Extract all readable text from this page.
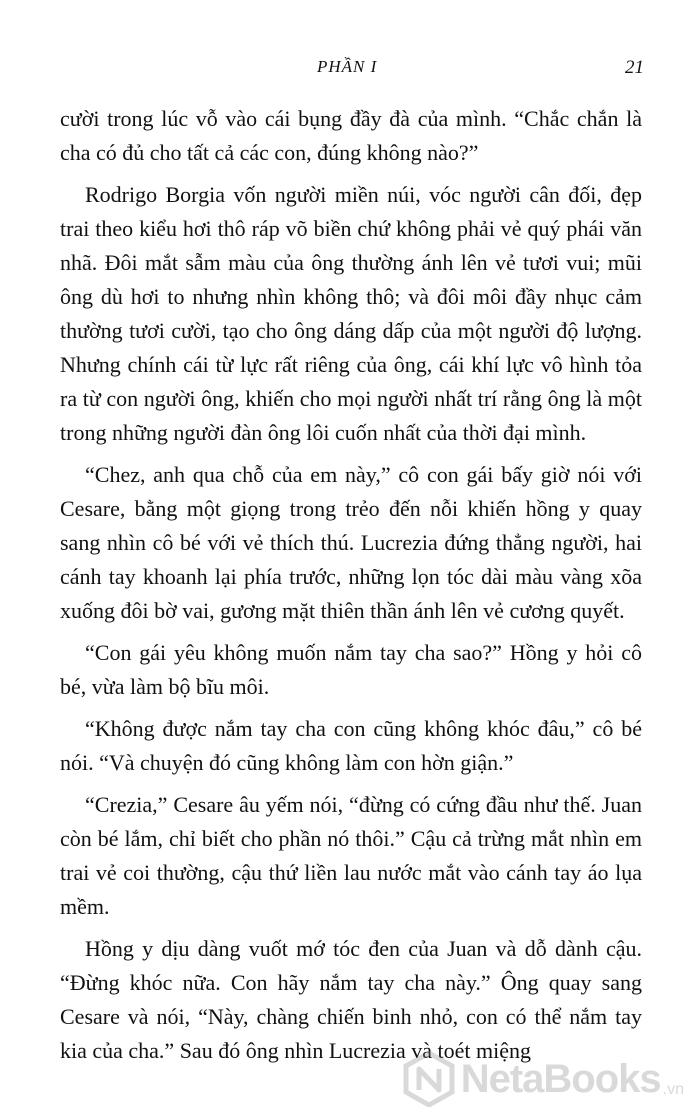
PHẦN I	21

cười trong lúc vỗ vào cái bụng đầy đà của mình. “Chắc chắn là cha có đủ cho tất cả các con, đúng không nào?”

Rodrigo Borgia vốn người miền núi, vóc người cân đối, đẹp trai theo kiểu hơi thô ráp võ biền chứ không phải vẻ quý phái văn nhã. Đôi mắt sẫm màu của ông thường ánh lên vẻ tươi vui; mũi ông dù hơi to nhưng nhìn không thô; và đôi môi đầy nhục cảm thường tươi cười, tạo cho ông dáng dấp của một người độ lượng. Nhưng chính cái từ lực rất riêng của ông, cái khí lực vô hình tỏa ra từ con người ông, khiến cho mọi người nhất trí rằng ông là một trong những người đàn ông lôi cuốn nhất của thời đại mình.

“Chez, anh qua chỗ của em này,” cô con gái bấy giờ nói với Cesare, bằng một giọng trong trẻo đến nỗi khiến hồng y quay sang nhìn cô bé với vẻ thích thú. Lucrezia đứng thẳng người, hai cánh tay khoanh lại phía trước, những lọn tóc dài màu vàng xõa xuống đôi bờ vai, gương mặt thiên thần ánh lên vẻ cương quyết.

“Con gái yêu không muốn nắm tay cha sao?” Hồng y hỏi cô bé, vừa làm bộ bĩu môi.

“Không được nắm tay cha con cũng không khóc đâu,” cô bé nói. “Và chuyện đó cũng không làm con hờn giận.”

“Crezia,” Cesare âu yếm nói, “đừng có cứng đầu như thế. Juan còn bé lắm, chỉ biết cho phần nó thôi.” Cậu cả trừng mắt nhìn em trai vẻ coi thường, cậu thứ liền lau nước mắt vào cánh tay áo lụa mềm.

Hồng y dịu dàng vuốt mớ tóc đen của Juan và dỗ dành cậu. “Đừng khóc nữa. Con hãy nắm tay cha này.” Ông quay sang Cesare và nói, “Này, chàng chiến binh nhỏ, con có thể nắm tay kia của cha.” Sau đó ông nhìn Lucrezia và toét miệng

NetaBooks .vn
